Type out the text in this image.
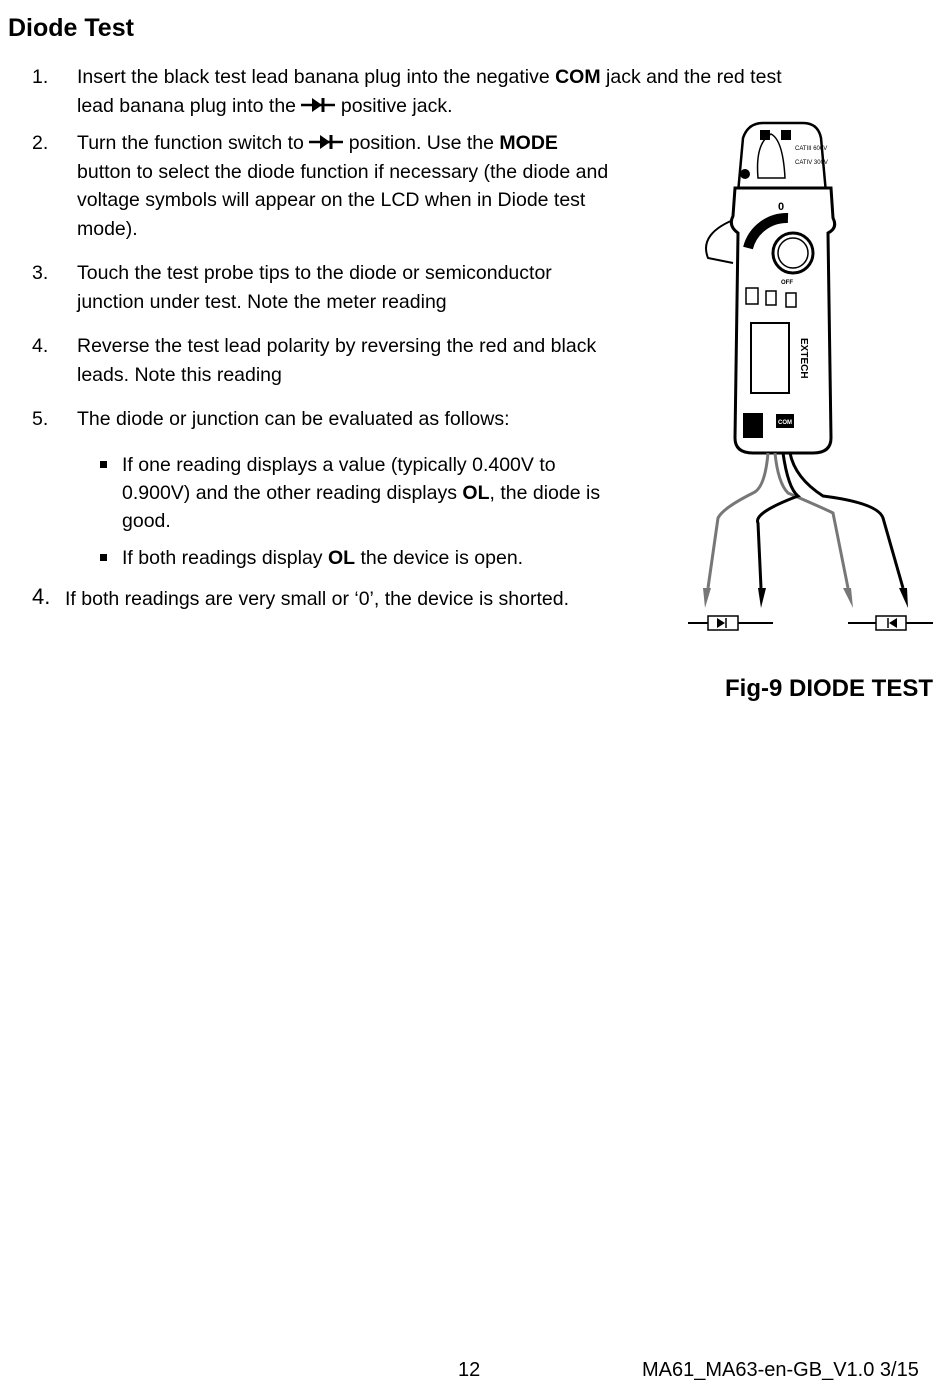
Diode Test
1.	Insert the black test lead banana plug into the negative COM jack and the red test
lead banana plug into the  positive jack.
2.	Turn the function switch to  position. Use the MODE
button to select the diode function if necessary (the diode and
voltage symbols will appear on the LCD when in Diode test
mode).
3.	Touch the test probe tips to the diode or semiconductor
junction under test. Note the meter reading
4.	Reverse the test lead polarity by reversing the red and black
leads. Note this reading
5.	The diode or junction can be evaluated as follows:
If one reading displays a value (typically 0.400V to
0.900V) and the other reading displays OL, the diode is
good.
If both readings display OL the device is open.
4. If both readings are very small or ‘0’, the device is shorted.
CATIII 600V
CATIV 300V
0
OFF
EXTECH
COM
Fig-9 DIODE TEST
12	MA61_MA63-en-GB_V1.0 3/15
